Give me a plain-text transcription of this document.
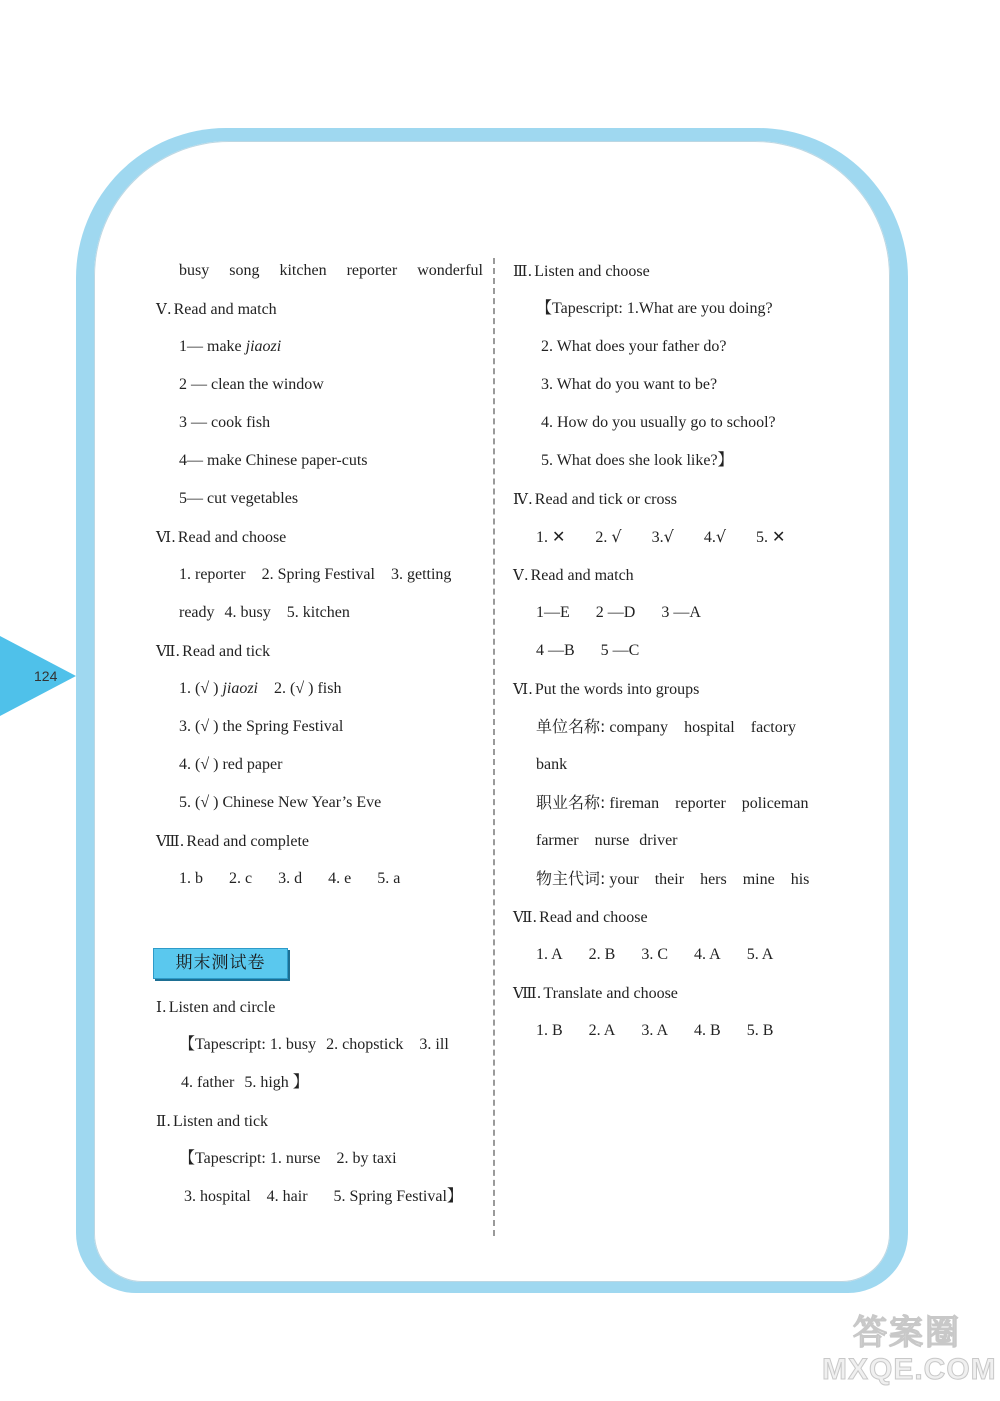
124
busy song kitchen reporter wonderful
Ⅴ. Read and match
1— make jiaozi
2 — clean the window
3 — cook fish
4— make Chinese paper-cuts
5— cut vegetables
Ⅵ. Read and choose
1. reporter 2. Spring Festival 3. getting
ready 4. busy 5. kitchen
Ⅶ. Read and tick
1. (√ ) jiaozi 2. (√ ) fish
3. (√ ) the Spring Festival
4. (√ ) red paper
5. (√ ) Chinese New Year’s Eve
Ⅷ. Read and complete
1. b 2. c 3. d 4. e 5. a
期末测试卷
Ⅰ. Listen and circle
【Tapescript: 1. busy 2. chopstick 3. ill
4. father 5. high 】
Ⅱ. Listen and tick
【Tapescript: 1. nurse 2. by taxi
3. hospital 4. hair 5. Spring Festival】
Ⅲ. Listen and choose
【Tapescript: 1.What are you doing?
2. What does your father do?
3. What do you want to be?
4. How do you usually go to school?
5. What does she look like?】
Ⅳ. Read and tick or cross
1. ✕ 2. √ 3.√ 4.√ 5. ✕
Ⅴ. Read and match
1—E 2 —D 3 —A
4 —B 5 —C
Ⅵ. Put the words into groups
单位名称: company hospital factory
bank
职业名称: fireman reporter policeman
farmer nurse driver
物主代词: your their hers mine his
Ⅶ. Read and choose
1. A 2. B 3. C 4. A 5. A
Ⅷ. Translate and choose
1. B 2. A 3. A 4. B 5. B
答案圈
MXQE.COM
